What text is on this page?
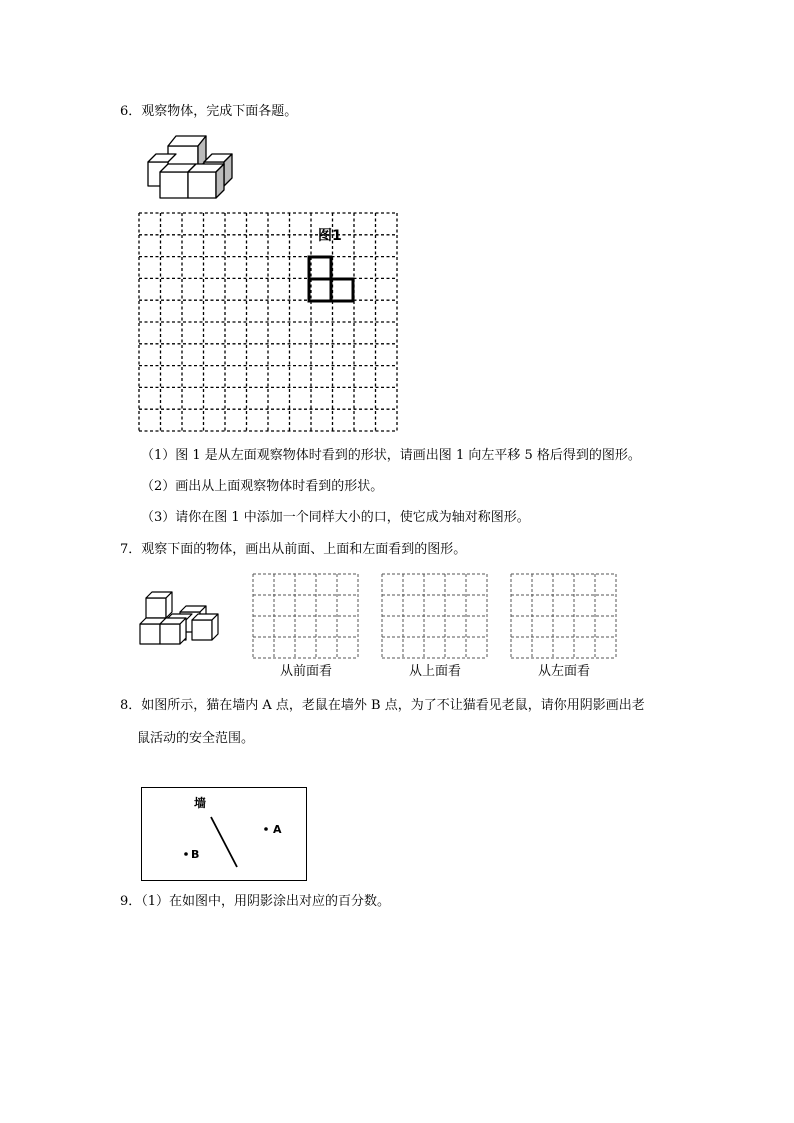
6．观察物体，完成下面各题。
图1
（1）图 1 是从左面观察物体时看到的形状，请画出图 1 向左平移 5 格后得到的图形。
（2）画出从上面观察物体时看到的形状。
（3）请你在图 1 中添加一个同样大小的口，使它成为轴对称图形。
7．观察下面的物体，画出从前面、上面和左面看到的图形。
从前面看	从上面看	从左面看
8．如图所示，猫在墙内 A 点，老鼠在墙外 B 点，为了不让猫看见老鼠，请你用阴影画出老
鼠活动的安全范围。
墙
A
B
9．（1）在如图中，用阴影涂出对应的百分数。
